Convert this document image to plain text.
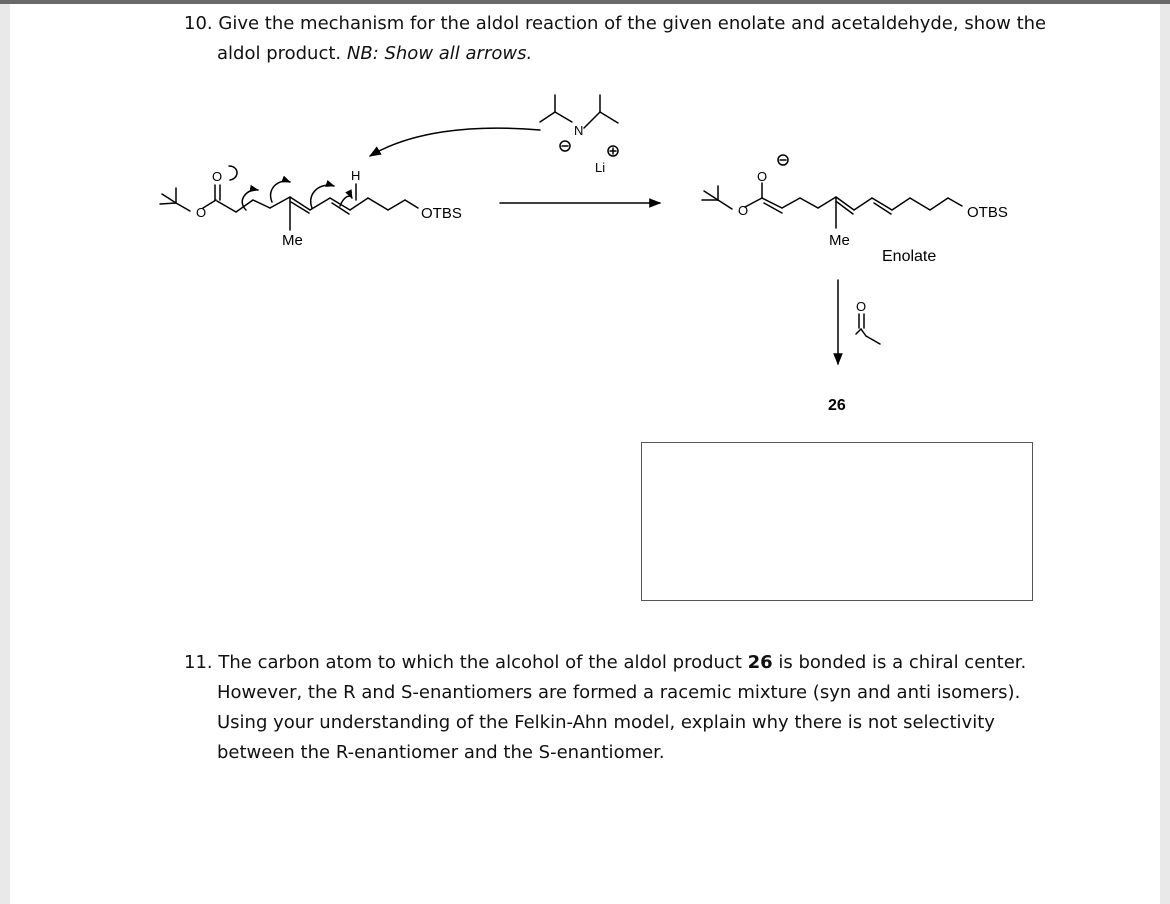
10. Give the mechanism for the aldol reaction of the given enolate and acetaldehyde, show the
aldol product. NB: Show all arrows.
O
O	H
Me
OTBS
N
Li
O
O
Me
OTBS
Enolate
O
26
11. The carbon atom to which the alcohol of the aldol product 26 is bonded is a chiral center.
However, the R and S-enantiomers are formed a racemic mixture (syn and anti isomers).
Using your understanding of the Felkin-Ahn model, explain why there is not selectivity
between the R-enantiomer and the S-enantiomer.
